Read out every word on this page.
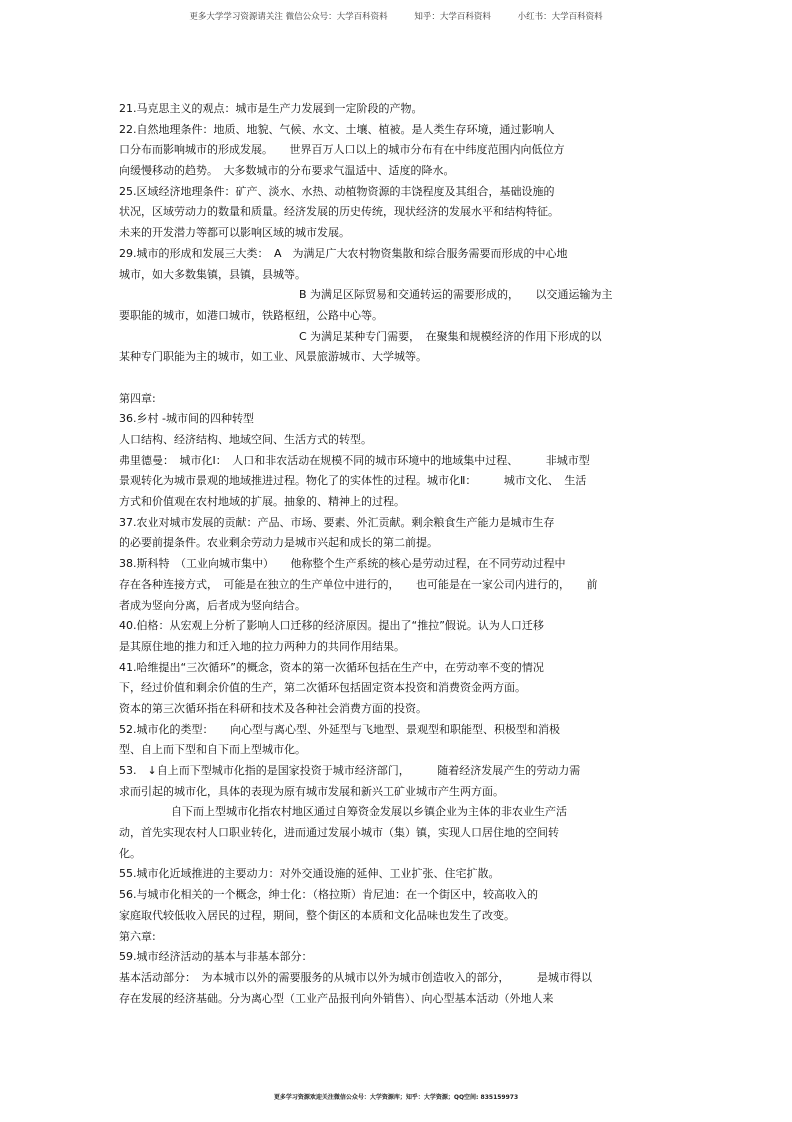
更多大学学习资源请关注 微信公众号：大学百科资料	知乎：大学百科资料	小红书：大学百科资料
21.马克思主义的观点：城市是生产力发展到一定阶段的产物。
22.自然地理条件：地质、地貌、气候、水文、土壤、植被。是人类生存环境，通过影响人
口分布而影响城市的形成发展。　　世界百万人口以上的城市分布有在中纬度范围内向低位方
向缓慢移动的趋势。　大多数城市的分布要求气温适中、适度的降水。
25.区域经济地理条件：矿产、淡水、水热、动植物资源的丰饶程度及其组合，基础设施的
状况，区域劳动力的数量和质量。经济发展的历史传统，现状经济的发展水平和结构特征。
未来的开发潜力等都可以影响区域的城市发展。
29.城市的形成和发展三大类：　A　为满足广大农村物资集散和综合服务需要而形成的中心地
城市，如大多数集镇，县镇，县城等。
B 为满足区际贸易和交通转运的需要形成的，　　以交通运输为主
要职能的城市，如港口城市，铁路枢纽，公路中心等。
C 为满足某种专门需要，　在聚集和规模经济的作用下形成的以
某种专门职能为主的城市，如工业、风景旅游城市、大学城等。
第四章:
36.乡村 -城市间的四种转型
人口结构、经济结构、地域空间、生活方式的转型。
弗里德曼：　城市化Ⅰ：　人口和非农活动在规模不同的城市环境中的地域集中过程、　　　非城市型
景观转化为城市景观的地域推进过程。物化了的实体性的过程。城市化Ⅱ：　　　城市文化、　生活
方式和价值观在农村地域的扩展。抽象的、精神上的过程。
37.农业对城市发展的贡献：产品、市场、要素、外汇贡献。剩余粮食生产能力是城市生存
的必要前提条件。农业剩余劳动力是城市兴起和成长的第二前提。
38.斯科特　（工业向城市集中）　　他称整个生产系统的核心是劳动过程，在不同劳动过程中
存在各种连接方式，　可能是在独立的生产单位中进行的，　　也可能是在一家公司内进行的，　　前
者成为竖向分离，后者成为竖向结合。
40.伯格：从宏观上分析了影响人口迁移的经济原因。提出了“推拉”假说。认为人口迁移
是其原住地的推力和迁入地的拉力两种力的共同作用结果。
41.哈维提出“三次循环”的概念，资本的第一次循环包括在生产中，在劳动率不变的情况
下，经过价值和剩余价值的生产，第二次循环包括固定资本投资和消费资金两方面。
资本的第三次循环指在科研和技术及各种社会消费方面的投资。
52.城市化的类型：　　向心型与离心型、外延型与飞地型、景观型和职能型、积极型和消极
型、自上而下型和自下而上型城市化。
53.　↓自上而下型城市化指的是国家投资于城市经济部门，　　　随着经济发展产生的劳动力需
求而引起的城市化，具体的表现为原有城市发展和新兴工矿业城市产生两方面。
自下而上型城市化指农村地区通过自筹资金发展以乡镇企业为主体的非农业生产活
动，首先实现农村人口职业转化，进而通过发展小城市（集）镇，实现人口居住地的空间转
化。
55.城市化近域推进的主要动力：对外交通设施的延伸、工业扩张、住宅扩散。
56.与城市化相关的一个概念，绅士化：（格拉斯）肯尼迪：在一个街区中，较高收入的
家庭取代较低收入居民的过程，期间，整个街区的本质和文化品味也发生了改变。
第六章:
59.城市经济活动的基本与非基本部分：
基本活动部分：　为本城市以外的需要服务的从城市以外为城市创造收入的部分，　　　是城市得以
存在发展的经济基础。分为离心型（工业产品报刊向外销售）、向心型基本活动（外地人来
更多学习资源欢迎关注微信公众号：大学资源库；知乎：大学资源；QQ空间: 835159973
